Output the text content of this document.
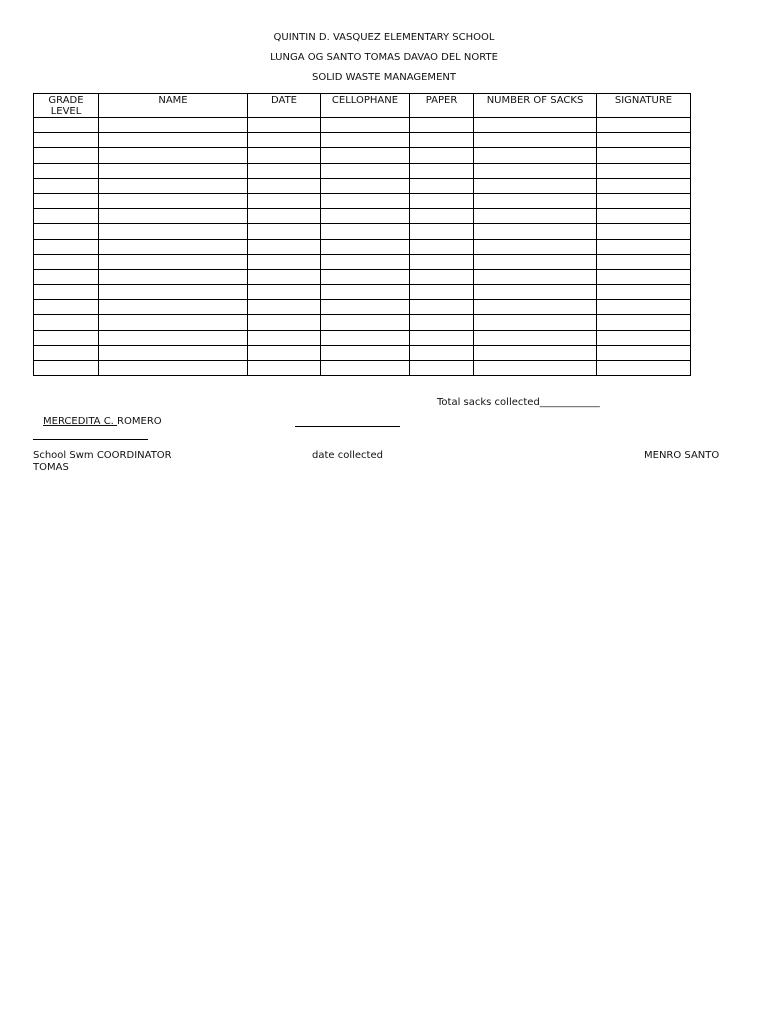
QUINTIN D. VASQUEZ ELEMENTARY SCHOOL
LUNGA OG SANTO TOMAS DAVAO DEL NORTE
SOLID WASTE MANAGEMENT
GRADE LEVEL	NAME	DATE	CELLOPHANE	PAPER	NUMBER OF SACKS	SIGNATURE

Total sacks collected____________
MERCEDITA C. ROMERO
School Swm COORDINATOR	date collected	MENRO SANTO
TOMAS
